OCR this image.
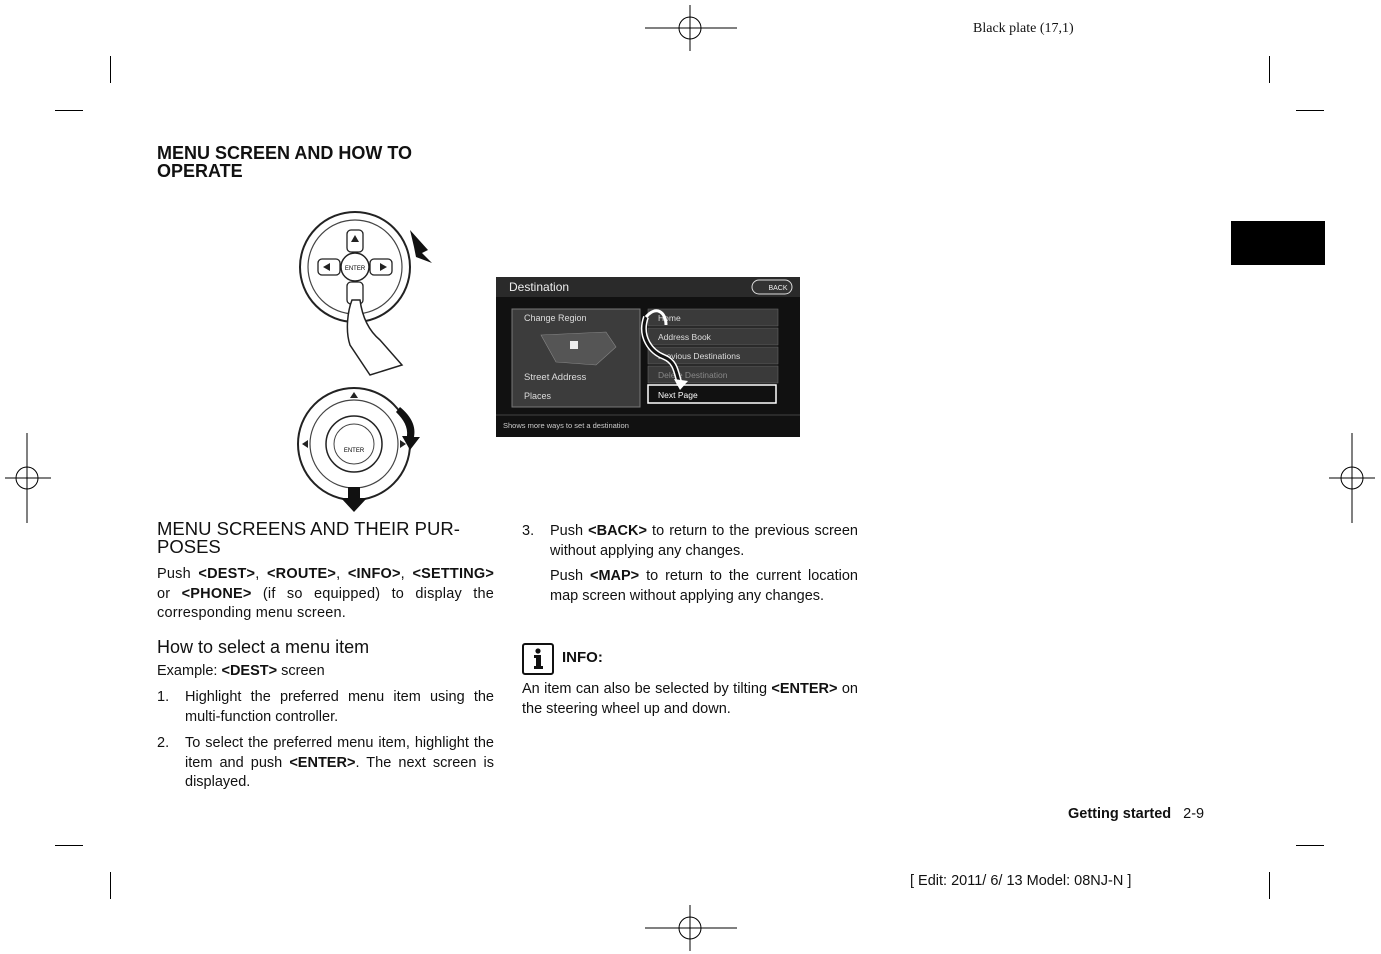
Black plate (17,1)
MENU SCREEN AND HOW TO OPERATE
ENTER
ENTER
Destination	BACK
Change Region
Street Address
Places
Home
Address Book
Previous Destinations
Delete Destination
Next Page
Shows more ways to set a destination
MENU SCREENS AND THEIR PUR-POSES
Push <DEST>, <ROUTE>, <INFO>, <SETTING> or <PHONE> (if so equipped) to display the corresponding menu screen.
How to select a menu item
Example: <DEST> screen
1. Highlight the preferred menu item using the multi-function controller.
2. To select the preferred menu item, highlight the item and push <ENTER>. The next screen is displayed.
3. Push <BACK> to return to the previous screen without applying any changes.
Push <MAP> to return to the current location map screen without applying any changes.
INFO:
An item can also be selected by tilting <ENTER> on the steering wheel up and down.
Getting started 2-9
[ Edit: 2011/ 6/ 13 Model: 08NJ-N ]
